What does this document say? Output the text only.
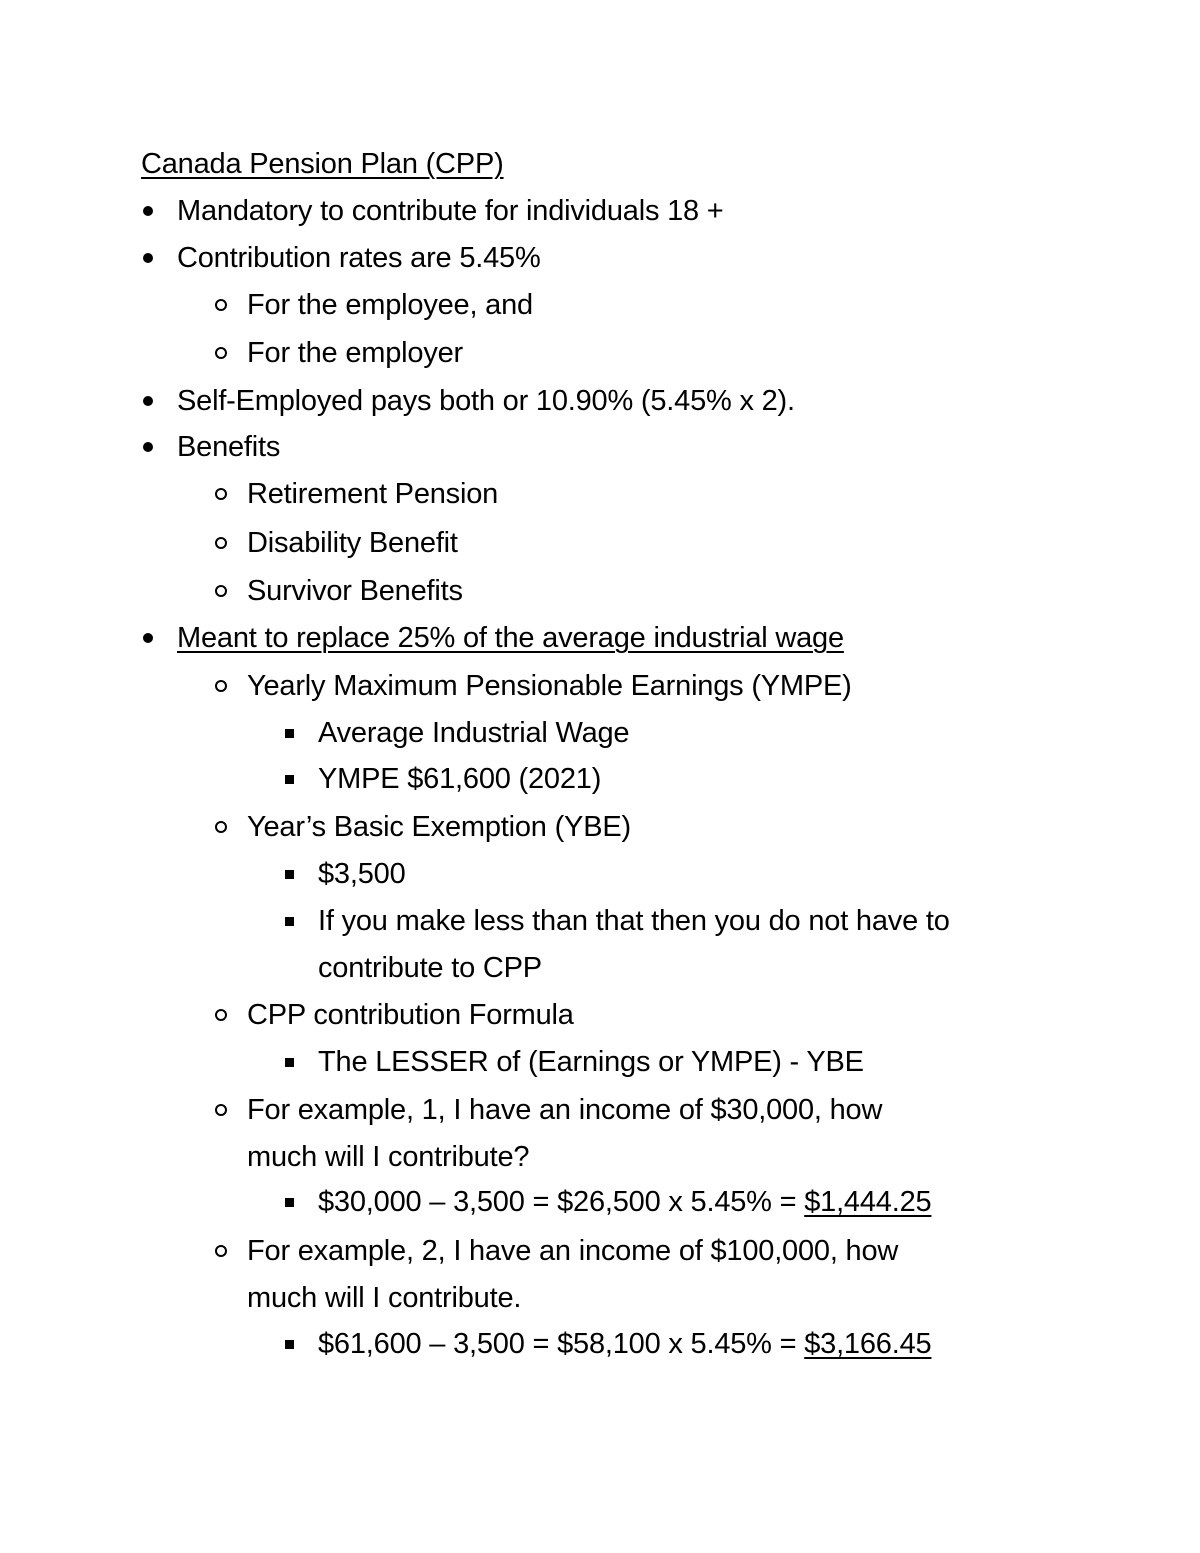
Canada Pension Plan (CPP)
Mandatory to contribute for individuals 18 +
Contribution rates are 5.45%
For the employee, and
For the employer
Self-Employed pays both or 10.90% (5.45% x 2).
Benefits
Retirement Pension
Disability Benefit
Survivor Benefits
Meant to replace 25% of the average industrial wage
Yearly Maximum Pensionable Earnings (YMPE)
Average Industrial Wage
YMPE $61,600 (2021)
Year’s Basic Exemption (YBE)
$3,500
If you make less than that then you do not have to
contribute to CPP
CPP contribution Formula
The LESSER of (Earnings or YMPE) - YBE
For example, 1, I have an income of $30,000, how
much will I contribute?
$30,000 – 3,500 = $26,500 x 5.45% = $1,444.25
For example, 2, I have an income of $100,000, how
much will I contribute.
$61,600 – 3,500 = $58,100 x 5.45% = $3,166.45
